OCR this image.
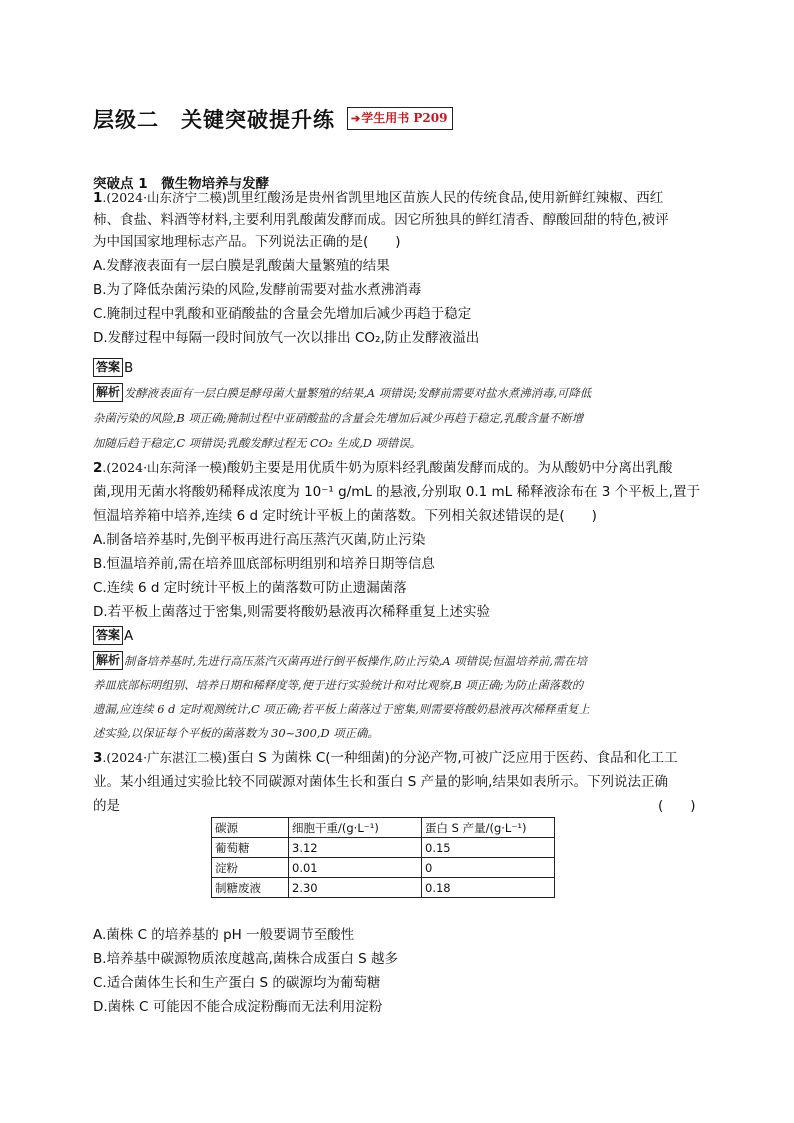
层级二　关键突破提升练	➔学生用书 P209
突破点 1　微生物培养与发酵
1.(2024·山东济宁二模)凯里红酸汤是贵州省凯里地区苗族人民的传统食品,使用新鲜红辣椒、西红
柿、食盐、料酒等材料,主要利用乳酸菌发酵而成。因它所独具的鲜红清香、醇酸回甜的特色,被评
为中国国家地理标志产品。下列说法正确的是(　　)
A.发酵液表面有一层白膜是乳酸菌大量繁殖的结果
B.为了降低杂菌污染的风险,发酵前需要对盐水煮沸消毒
C.腌制过程中乳酸和亚硝酸盐的含量会先增加后减少再趋于稳定
D.发酵过程中每隔一段时间放气一次以排出 CO₂,防止发酵液溢出
答案 B
解析 发酵液表面有一层白膜是酵母菌大量繁殖的结果,A 项错误;发酵前需要对盐水煮沸消毒,可降低
杂菌污染的风险,B 项正确;腌制过程中亚硝酸盐的含量会先增加后减少再趋于稳定,乳酸含量不断增
加随后趋于稳定,C 项错误;乳酸发酵过程无 CO₂ 生成,D 项错误。
2.(2024·山东菏泽一模)酸奶主要是用优质牛奶为原料经乳酸菌发酵而成的。为从酸奶中分离出乳酸
菌,现用无菌水将酸奶稀释成浓度为 10⁻¹ g/mL 的悬液,分别取 0.1 mL 稀释液涂布在 3 个平板上,置于
恒温培养箱中培养,连续 6 d 定时统计平板上的菌落数。下列相关叙述错误的是(　　)
A.制备培养基时,先倒平板再进行高压蒸汽灭菌,防止污染
B.恒温培养前,需在培养皿底部标明组别和培养日期等信息
C.连续 6 d 定时统计平板上的菌落数可防止遗漏菌落
D.若平板上菌落过于密集,则需要将酸奶悬液再次稀释重复上述实验
答案 A
解析 制备培养基时,先进行高压蒸汽灭菌再进行倒平板操作,防止污染,A 项错误;恒温培养前,需在培
养皿底部标明组别、培养日期和稀释度等,便于进行实验统计和对比观察,B 项正确;为防止菌落数的
遗漏,应连续 6 d 定时观测统计,C 项正确;若平板上菌落过于密集,则需要将酸奶悬液再次稀释重复上
述实验,以保证每个平板的菌落数为 30~300,D 项正确。
3.(2024·广东湛江二模)蛋白 S 为菌株 C(一种细菌)的分泌产物,可被广泛应用于医药、食品和化工工
业。某小组通过实验比较不同碳源对菌体生长和蛋白 S 产量的影响,结果如表所示。下列说法正确
的是	(　　)
碳源	细胞干重/(g·L⁻¹)	蛋白 S 产量/(g·L⁻¹)
葡萄糖	3.12	0.15
淀粉	0.01	0
制糖废液	2.30	0.18
A.菌株 C 的培养基的 pH 一般要调节至酸性
B.培养基中碳源物质浓度越高,菌株合成蛋白 S 越多
C.适合菌体生长和生产蛋白 S 的碳源均为葡萄糖
D.菌株 C 可能因不能合成淀粉酶而无法利用淀粉
